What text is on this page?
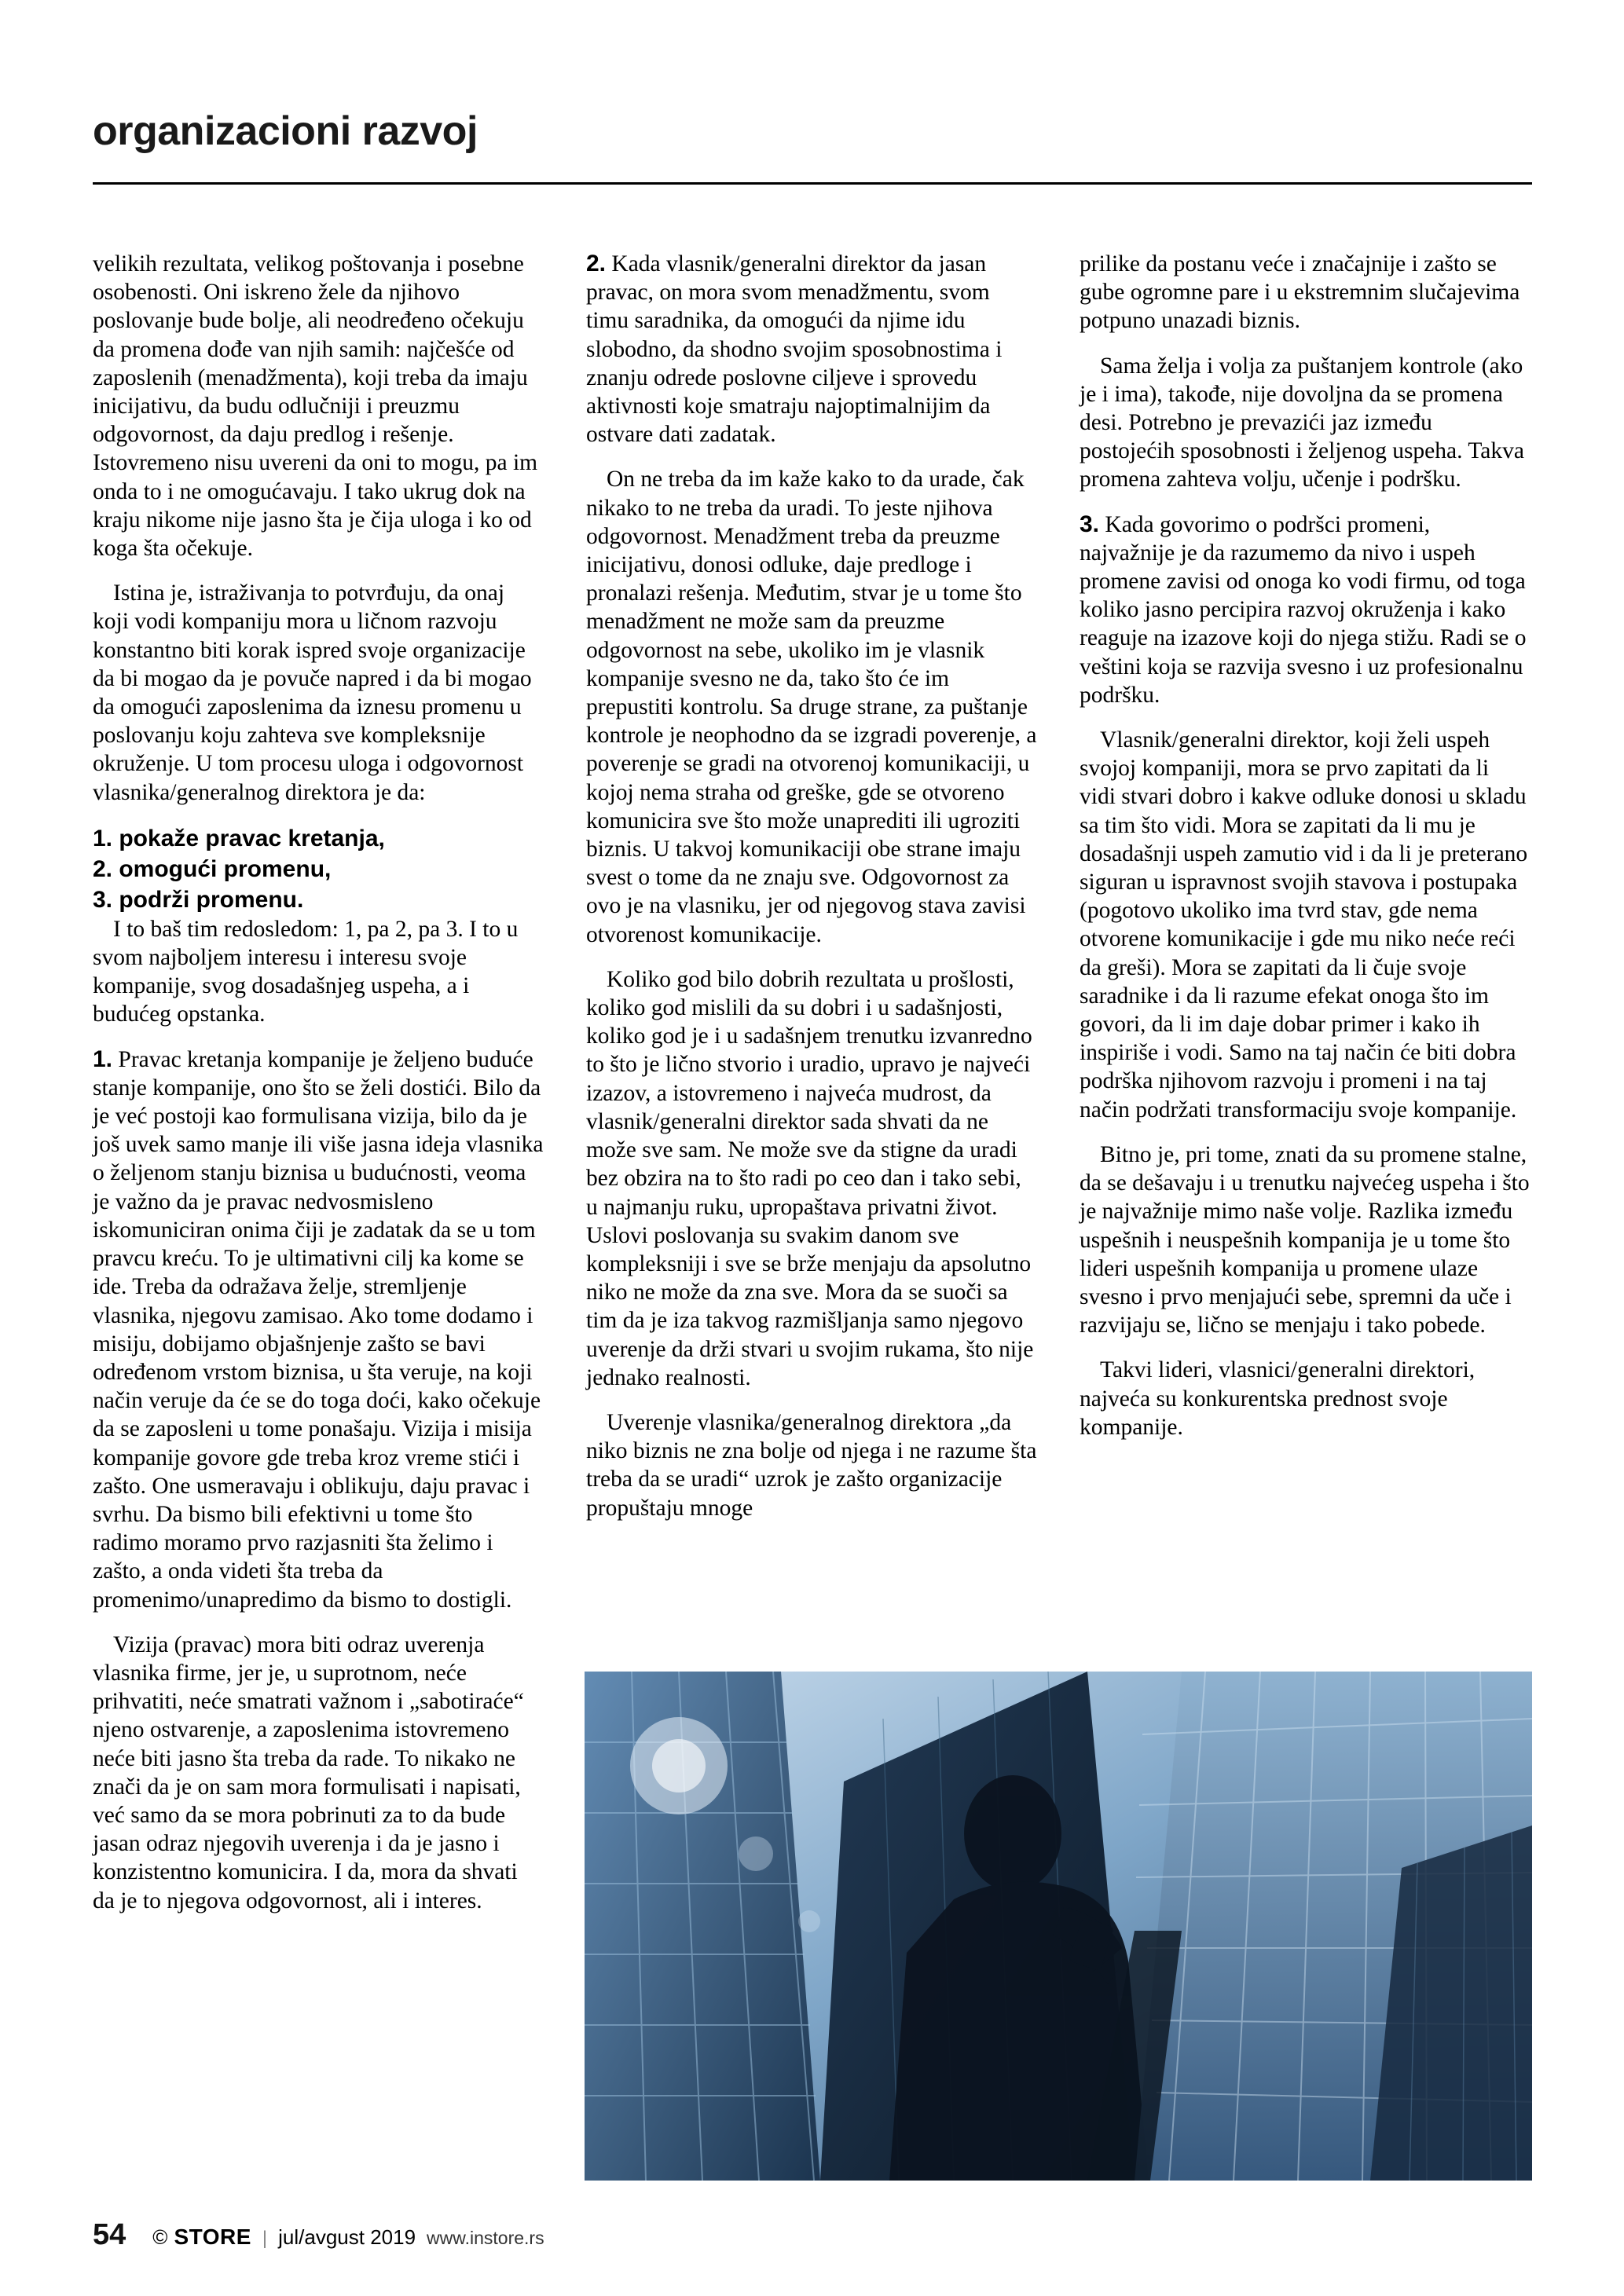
organizacioni razvoj

velikih rezultata, velikog poštovanja i posebne osobenosti. Oni iskreno žele da njihovo poslovanje bude bolje, ali neodređeno očekuju da promena dođe van njih samih: najčešće od zaposlenih (menadžmenta), koji treba da imaju inicijativu, da budu odlučniji i preuzmu odgovornost, da daju predlog i rešenje. Istovremeno nisu uvereni da oni to mogu, pa im onda to i ne omogućavaju. I tako ukrug dok na kraju nikome nije jasno šta je čija uloga i ko od koga šta očekuje.

Istina je, istraživanja to potvrđuju, da onaj koji vodi kompaniju mora u ličnom razvoju konstantno biti korak ispred svoje organizacije da bi mogao da je povuče napred i da bi mogao da omogući zaposlenima da iznesu promenu u poslovanju koju zahteva sve kompleksnije okruženje. U tom procesu uloga i odgovornost vlasnika/generalnog direktora je da:

1. pokaže pravac kretanja,
2. omogući promenu,
3. podrži promenu.

I to baš tim redosledom: 1, pa 2, pa 3. I to u svom najboljem interesu i interesu svoje kompanije, svog dosadašnjeg uspeha, a i budućeg opstanka.

1. Pravac kretanja kompanije je željeno buduće stanje kompanije, ono što se želi dostići. Bilo da je već postoji kao formulisana vizija, bilo da je još uvek samo manje ili više jasna ideja vlasnika o željenom stanju biznisa u budućnosti, veoma je važno da je pravac nedvosmisleno iskomuniciran onima čiji je zadatak da se u tom pravcu kreću. To je ultimativni cilj ka kome se ide. Treba da odražava želje, stremljenje vlasnika, njegovu zamisao. Ako tome dodamo i misiju, dobijamo objašnjenje zašto se bavi određenom vrstom biznisa, u šta veruje, na koji način veruje da će se do toga doći, kako očekuje da se zaposleni u tome ponašaju. Vizija i misija kompanije govore gde treba kroz vreme stići i zašto. One usmeravaju i oblikuju, daju pravac i svrhu. Da bismo bili efektivni u tome što radimo moramo prvo razjasniti šta želimo i zašto, a onda videti šta treba da promenimo/unapredimo da bismo to dostigli.

Vizija (pravac) mora biti odraz uverenja vlasnika firme, jer je, u suprotnom, neće prihvatiti, neće smatrati važnom i „sabotiraće“ njeno ostvarenje, a zaposlenima istovremeno neće biti jasno šta treba da rade. To nikako ne znači da je on sam mora formulisati i napisati, već samo da se mora pobrinuti za to da bude jasan odraz njegovih uverenja i da je jasno i konzistentno komunicira. I da, mora da shvati da je to njegova odgovornost, ali i interes.

2. Kada vlasnik/generalni direktor da jasan pravac, on mora svom menadžmentu, svom timu saradnika, da omogući da njime idu slobodno, da shodno svojim sposobnostima i znanju odrede poslovne ciljeve i sprovedu aktivnosti koje smatraju najoptimalnijim da ostvare dati zadatak.

On ne treba da im kaže kako to da urade, čak nikako to ne treba da uradi. To jeste njihova odgovornost. Menadžment treba da preuzme inicijativu, donosi odluke, daje predloge i pronalazi rešenja. Međutim, stvar je u tome što menadžment ne može sam da preuzme odgovornost na sebe, ukoliko im je vlasnik kompanije svesno ne da, tako što će im prepustiti kontrolu. Sa druge strane, za puštanje kontrole je neophodno da se izgradi poverenje, a poverenje se gradi na otvorenoj komunikaciji, u kojoj nema straha od greške, gde se otvoreno komunicira sve što može unaprediti ili ugroziti biznis. U takvoj komunikaciji obe strane imaju svest o tome da ne znaju sve. Odgovornost za ovo je na vlasniku, jer od njegovog stava zavisi otvorenost komunikacije.

Koliko god bilo dobrih rezultata u prošlosti, koliko god mislili da su dobri i u sadašnjosti, koliko god je i u sadašnjem trenutku izvanredno to što je lično stvorio i uradio, upravo je najveći izazov, a istovremeno i najveća mudrost, da vlasnik/generalni direktor sada shvati da ne može sve sam. Ne može sve da stigne da uradi bez obzira na to što radi po ceo dan i tako sebi, u najmanju ruku, upropaštava privatni život. Uslovi poslovanja su svakim danom sve kompleksniji i sve se brže menjaju da apsolutno niko ne može da zna sve. Mora da se suoči sa tim da je iza takvog razmišljanja samo njegovo uverenje da drži stvari u svojim rukama, što nije jednako realnosti.

Uverenje vlasnika/generalnog direktora „da niko biznis ne zna bolje od njega i ne razume šta treba da se uradi“ uzrok je zašto organizacije propuštaju mnoge

prilike da postanu veće i značajnije i zašto se gube ogromne pare i u ekstremnim slučajevima potpuno unazadi biznis.

Sama želja i volja za puštanjem kontrole (ako je i ima), takođe, nije dovoljna da se promena desi. Potrebno je prevazići jaz između postojećih sposobnosti i željenog uspeha. Takva promena zahteva volju, učenje i podršku.

3. Kada govorimo o podršci promeni, najvažnije je da razumemo da nivo i uspeh promene zavisi od onoga ko vodi firmu, od toga koliko jasno percipira razvoj okruženja i kako reaguje na izazove koji do njega stižu. Radi se o veštini koja se razvija svesno i uz profesionalnu podršku.

Vlasnik/generalni direktor, koji želi uspeh svojoj kompaniji, mora se prvo zapitati da li vidi stvari dobro i kakve odluke donosi u skladu sa tim što vidi. Mora se zapitati da li mu je dosadašnji uspeh zamutio vid i da li je preterano siguran u ispravnost svojih stavova i postupaka (pogotovo ukoliko ima tvrd stav, gde nema otvorene komunikacije i gde mu niko neće reći da greši). Mora se zapitati da li čuje svoje saradnike i da li razume efekat onoga što im govori, da li im daje dobar primer i kako ih inspiriše i vodi. Samo na taj način će biti dobra podrška njihovom razvoju i promeni i na taj način podržati transformaciju svoje kompanije.

Bitno je, pri tome, znati da su promene stalne, da se dešavaju i u trenutku najvećeg uspeha i što je najvažnije mimo naše volje. Razlika između uspešnih i neuspešnih kompanija je u tome što lideri uspešnih kompanija u promene ulaze svesno i prvo menjajući sebe, spremni da uče i razvijaju se, lično se menjaju i tako pobede.

Takvi lideri, vlasnici/generalni direktori, najveća su konkurentska prednost svoje kompanije.

54 © STORE | jul/avgust 2019 www.instore.rs
